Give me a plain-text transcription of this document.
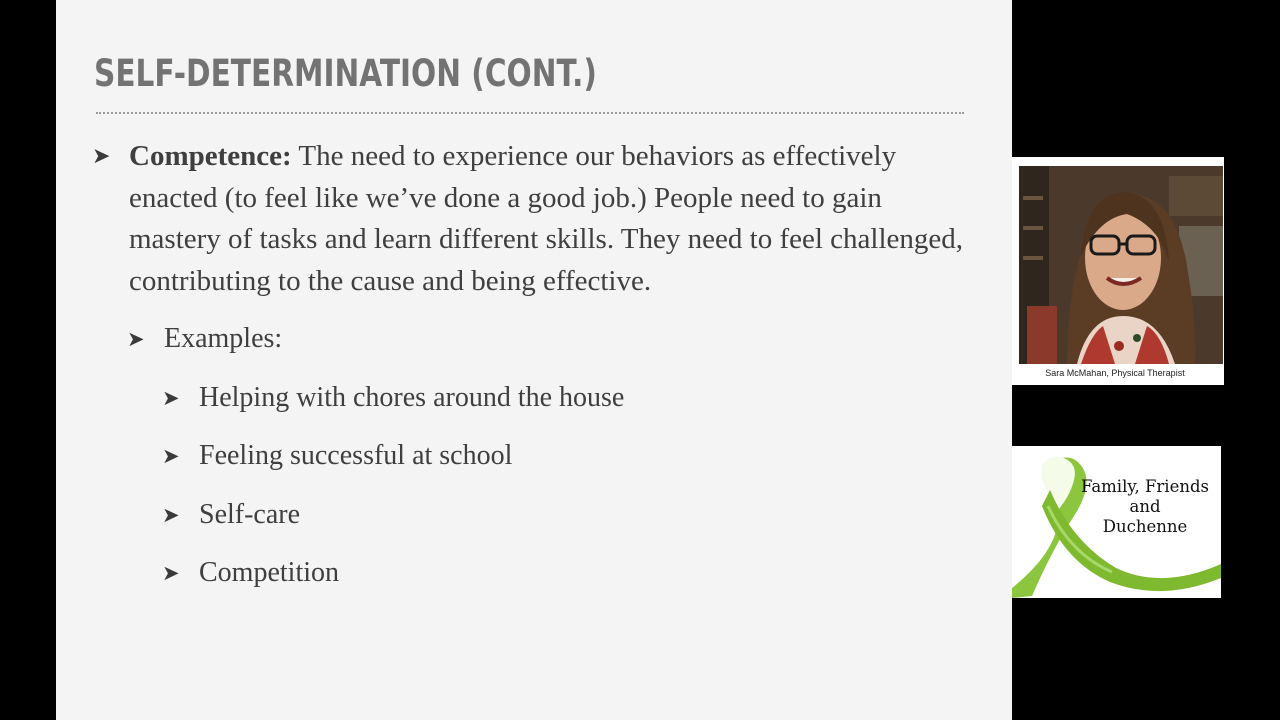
SELF-DETERMINATION (CONT.)
➤ Competence: The need to experience our behaviors as effectively enacted (to feel like we’ve done a good job.) People need to gain mastery of tasks and learn different skills. They need to feel challenged, contributing to the cause and being effective.
➤ Examples:
➤ Helping with chores around the house
➤ Feeling successful at school
➤ Self-care
➤ Competition
Sara McMahan, Physical Therapist
Family, Friends
and
Duchenne
